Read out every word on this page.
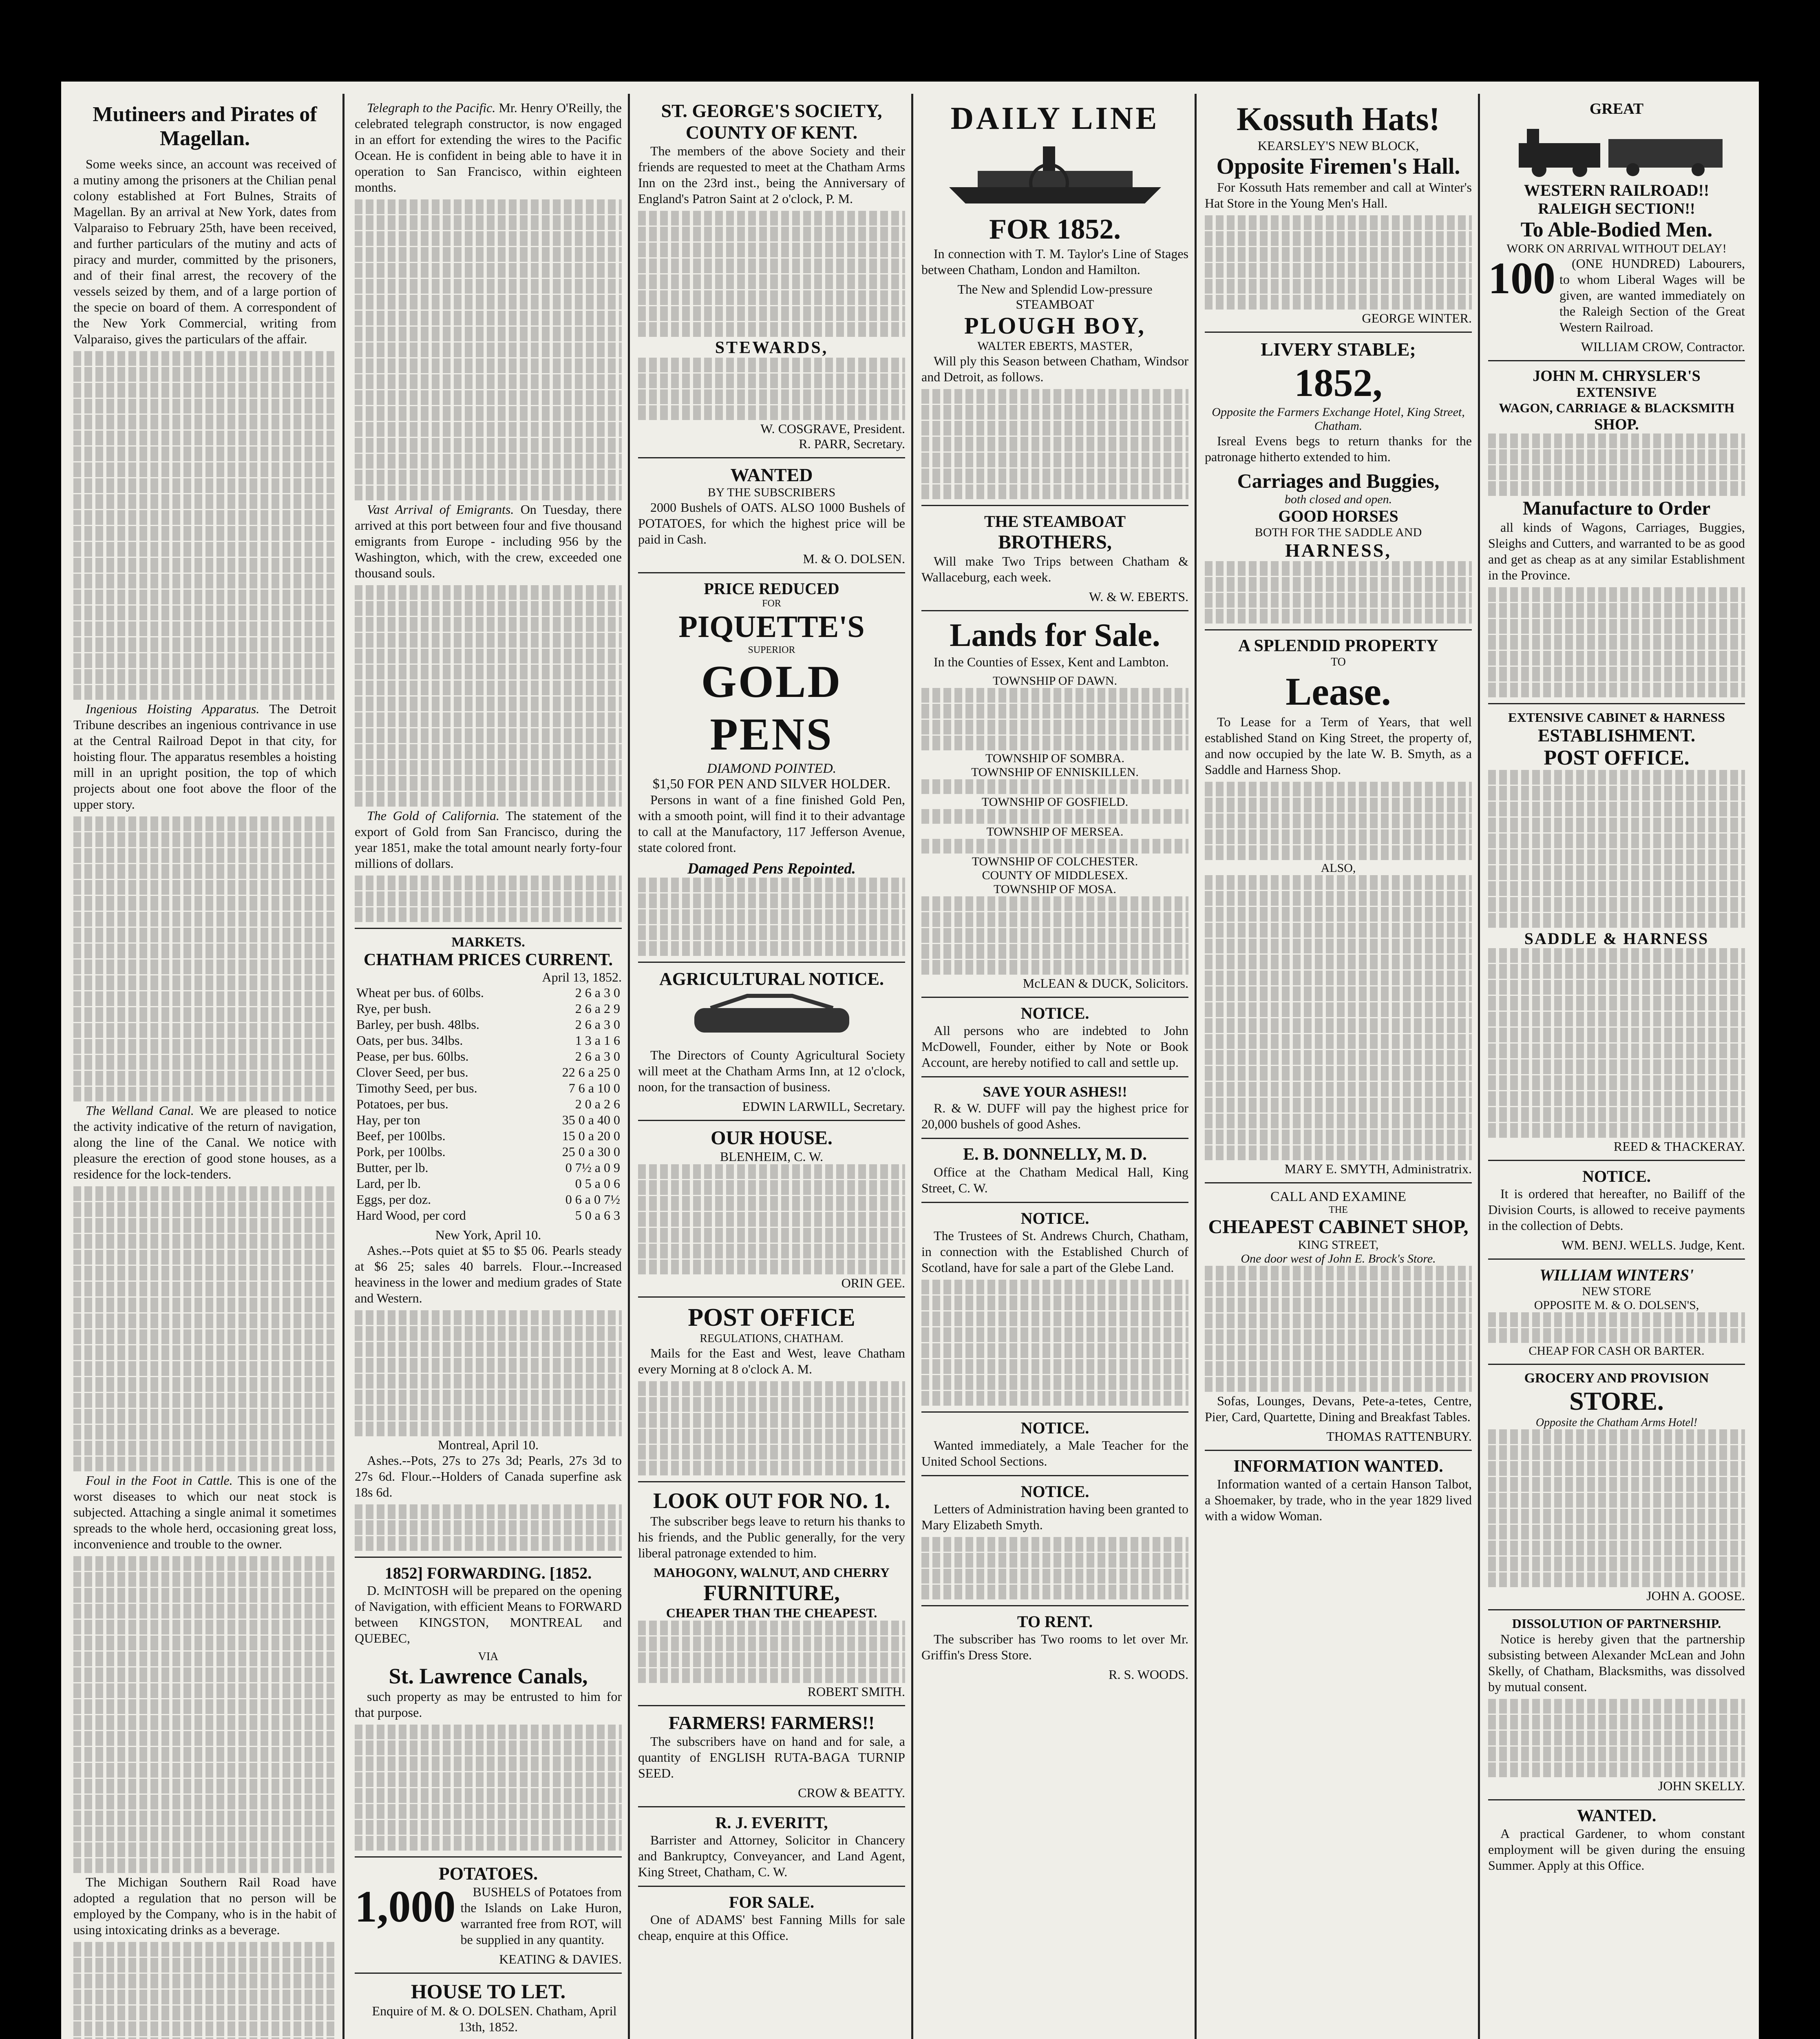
Mutineers and Pirates of Magellan.

Some weeks since, an account was received of a mutiny among the prisoners at the Chilian penal colony established at Fort Bulnes, Straits of Magellan. By an arrival at New York, dates from Valparaiso to February 25th, have been received, and further particulars of the mutiny and acts of piracy and murder, committed by the prisoners, and of their final arrest, the recovery of the vessels seized by them, and of a large portion of the specie on board of them. A correspondent of the New York Commercial, writing from Valparaiso, gives the particulars of the affair.

Ingenious Hoisting Apparatus. The Detroit Tribune describes an ingenious contrivance in use at the Central Railroad Depot in that city, for hoisting flour. The apparatus resembles a hoisting mill in an upright position, the top of which projects about one foot above the floor of the upper story.

The Welland Canal. We are pleased to notice the activity indicative of the return of navigation, along the line of the Canal. We notice with pleasure the erection of good stone houses, as a residence for the lock-tenders.

Foul in the Foot in Cattle. This is one of the worst diseases to which our neat stock is subjected. Attaching a single animal it sometimes spreads to the whole herd, occasioning great loss, inconvenience and trouble to the owner.

The Michigan Southern Rail Road have adopted a regulation that no person will be employed by the Company, who is in the habit of using intoxicating drinks as a beverage.

Telegraph to the Pacific. Mr. Henry O'Reilly, the celebrated telegraph constructor, is now engaged in an effort for extending the wires to the Pacific Ocean. He is confident in being able to have it in operation to San Francisco, within eighteen months.

Vast Arrival of Emigrants. On Tuesday, there arrived at this port between four and five thousand emigrants from Europe - including 956 by the Washington, which, with the crew, exceeded one thousand souls.

The Gold of California. The statement of the export of Gold from San Francisco, during the year 1851, make the total amount nearly forty-four millions of dollars.

MARKETS.
CHATHAM PRICES CURRENT.
April 13, 1852.
Wheat per bus. of 60lbs.	2 6 a 3 0
Rye, per bush.	2 6 a 2 9
Barley, per bush. 48lbs.	2 6 a 3 0
Oats, per bus. 34lbs.	1 3 a 1 6
Pease, per bus. 60lbs.	2 6 a 3 0
Clover Seed, per bus.	22 6 a 25 0
Timothy Seed, per bus.	7 6 a 10 0
Potatoes, per bus.	2 0 a 2 6
Hay, per ton	35 0 a 40 0
Beef, per 100lbs.	15 0 a 20 0
Pork, per 100lbs.	25 0 a 30 0
Butter, per lb.	0 7½ a 0 9
Lard, per lb.	0 5 a 0 6
Eggs, per doz.	0 6 a 0 7½
Hard Wood, per cord	5 0 a 6 3
New York, April 10.

Ashes.--Pots quiet at $5 to $5 06. Pearls steady at $6 25; sales 40 barrels. Flour.--Increased heaviness in the lower and medium grades of State and Western.

Montreal, April 10.

Ashes.--Pots, 27s to 27s 3d; Pearls, 27s 3d to 27s 6d. Flour.--Holders of Canada superfine ask 18s 6d.

1852] FORWARDING. [1852.

D. McINTOSH will be prepared on the opening of Navigation, with efficient Means to FORWARD between KINGSTON, MONTREAL and QUEBEC,

VIA
St. Lawrence Canals,

such property as may be entrusted to him for that purpose.

POTATOES.
1,000	BUSHELS of Potatoes from the Islands on Lake Huron, warranted free from ROT, will be supplied in any quantity.

KEATING & DAVIES.
HOUSE TO LET.

Enquire of M. & O. DOLSEN. Chatham, April 13th, 1852.

ST. GEORGE'S SOCIETY,
COUNTY OF KENT.

The members of the above Society and their friends are requested to meet at the Chatham Arms Inn on the 23rd inst., being the Anniversary of England's Patron Saint at 2 o'clock, P. M.

STEWARDS,
W. COSGRAVE, President.
R. PARR, Secretary.
WANTED
BY THE SUBSCRIBERS

2000 Bushels of OATS. ALSO 1000 Bushels of POTATOES, for which the highest price will be paid in Cash.

M. & O. DOLSEN.
PRICE REDUCED
FOR
PIQUETTE'S
SUPERIOR
GOLD PENS
DIAMOND POINTED.
$1,50 FOR PEN AND SILVER HOLDER.

Persons in want of a fine finished Gold Pen, with a smooth point, will find it to their advantage to call at the Manufactory, 117 Jefferson Avenue, state colored front.

Damaged Pens Repointed.
AGRICULTURAL NOTICE.

The Directors of County Agricultural Society will meet at the Chatham Arms Inn, at 12 o'clock, noon, for the transaction of business.

EDWIN LARWILL, Secretary.
OUR HOUSE.
BLENHEIM, C. W.
ORIN GEE.
POST OFFICE
REGULATIONS, CHATHAM.

Mails for the East and West, leave Chatham every Morning at 8 o'clock A. M.

LOOK OUT FOR NO. 1.

The subscriber begs leave to return his thanks to his friends, and the Public generally, for the very liberal patronage extended to him.

MAHOGONY, WALNUT, AND CHERRY
FURNITURE,
CHEAPER THAN THE CHEAPEST.
ROBERT SMITH.
FARMERS! FARMERS!!

The subscribers have on hand and for sale, a quantity of ENGLISH RUTA-BAGA TURNIP SEED.

CROW & BEATTY.
R. J. EVERITT,

Barrister and Attorney, Solicitor in Chancery and Bankruptcy, Conveyancer, and Land Agent, King Street, Chatham, C. W.

FOR SALE.

One of ADAMS' best Fanning Mills for sale cheap, enquire at this Office.

DAILY LINE
FOR 1852.

In connection with T. M. Taylor's Line of Stages between Chatham, London and Hamilton.

The New and Splendid Low-pressure STEAMBOAT
PLOUGH BOY,
WALTER EBERTS, MASTER,

Will ply this Season between Chatham, Windsor and Detroit, as follows.

THE STEAMBOAT
BROTHERS,

Will make Two Trips between Chatham & Wallaceburg, each week.

W. & W. EBERTS.
Lands for Sale.

In the Counties of Essex, Kent and Lambton.

TOWNSHIP OF DAWN.
TOWNSHIP OF SOMBRA.
TOWNSHIP OF ENNISKILLEN.
TOWNSHIP OF GOSFIELD.
TOWNSHIP OF MERSEA.
TOWNSHIP OF COLCHESTER.
COUNTY OF MIDDLESEX.
TOWNSHIP OF MOSA.
McLEAN & DUCK, Solicitors.
NOTICE.

All persons who are indebted to John McDowell, Founder, either by Note or Book Account, are hereby notified to call and settle up.

SAVE YOUR ASHES!!

R. & W. DUFF will pay the highest price for 20,000 bushels of good Ashes.

E. B. DONNELLY, M. D.

Office at the Chatham Medical Hall, King Street, C. W.

NOTICE.

The Trustees of St. Andrews Church, Chatham, in connection with the Established Church of Scotland, have for sale a part of the Glebe Land.

NOTICE.

Wanted immediately, a Male Teacher for the United School Sections.

NOTICE.

Letters of Administration having been granted to Mary Elizabeth Smyth.

TO RENT.

The subscriber has Two rooms to let over Mr. Griffin's Dress Store.

R. S. WOODS.
Kossuth Hats!
KEARSLEY'S NEW BLOCK,
Opposite Firemen's Hall.

For Kossuth Hats remember and call at Winter's Hat Store in the Young Men's Hall.

GEORGE WINTER.
LIVERY STABLE;
1852,
Opposite the Farmers Exchange Hotel, King Street, Chatham.

Isreal Evens begs to return thanks for the patronage hitherto extended to him.

Carriages and Buggies,
both closed and open.
GOOD HORSES
BOTH FOR THE SADDLE AND
HARNESS,
A SPLENDID PROPERTY
TO
Lease.

To Lease for a Term of Years, that well established Stand on King Street, the property of, and now occupied by the late W. B. Smyth, as a Saddle and Harness Shop.

ALSO,
MARY E. SMYTH, Administratrix.
CALL AND EXAMINE
THE
CHEAPEST CABINET SHOP,
KING STREET,
One door west of John E. Brock's Store.

Sofas, Lounges, Devans, Pete-a-tetes, Centre, Pier, Card, Quartette, Dining and Breakfast Tables.

THOMAS RATTENBURY.
INFORMATION WANTED.

Information wanted of a certain Hanson Talbot, a Shoemaker, by trade, who in the year 1829 lived with a widow Woman.

GREAT
WESTERN RAILROAD!!
RALEIGH SECTION!!
To Able-Bodied Men.
WORK ON ARRIVAL WITHOUT DELAY!
100	(ONE HUNDRED) Labourers, to whom Liberal Wages will be given, are wanted immediately on the Raleigh Section of the Great Western Railroad.

WILLIAM CROW, Contractor.
JOHN M. CHRYSLER'S
EXTENSIVE
WAGON, CARRIAGE & BLACKSMITH
SHOP.
Manufacture to Order

all kinds of Wagons, Carriages, Buggies, Sleighs and Cutters, and warranted to be as good and get as cheap as at any similar Establishment in the Province.

EXTENSIVE CABINET & HARNESS
ESTABLISHMENT.
POST OFFICE.
SADDLE & HARNESS
REED & THACKERAY.
NOTICE.

It is ordered that hereafter, no Bailiff of the Division Courts, is allowed to receive payments in the collection of Debts.

WM. BENJ. WELLS. Judge, Kent.
WILLIAM WINTERS'
NEW STORE
OPPOSITE M. & O. DOLSEN'S,
CHEAP FOR CASH OR BARTER.
GROCERY AND PROVISION
STORE.
Opposite the Chatham Arms Hotel!
JOHN A. GOOSE.
DISSOLUTION OF PARTNERSHIP.

Notice is hereby given that the partnership subsisting between Alexander McLean and John Skelly, of Chatham, Blacksmiths, was dissolved by mutual consent.

JOHN SKELLY.
WANTED.

A practical Gardener, to whom constant employment will be given during the ensuing Summer. Apply at this Office.
